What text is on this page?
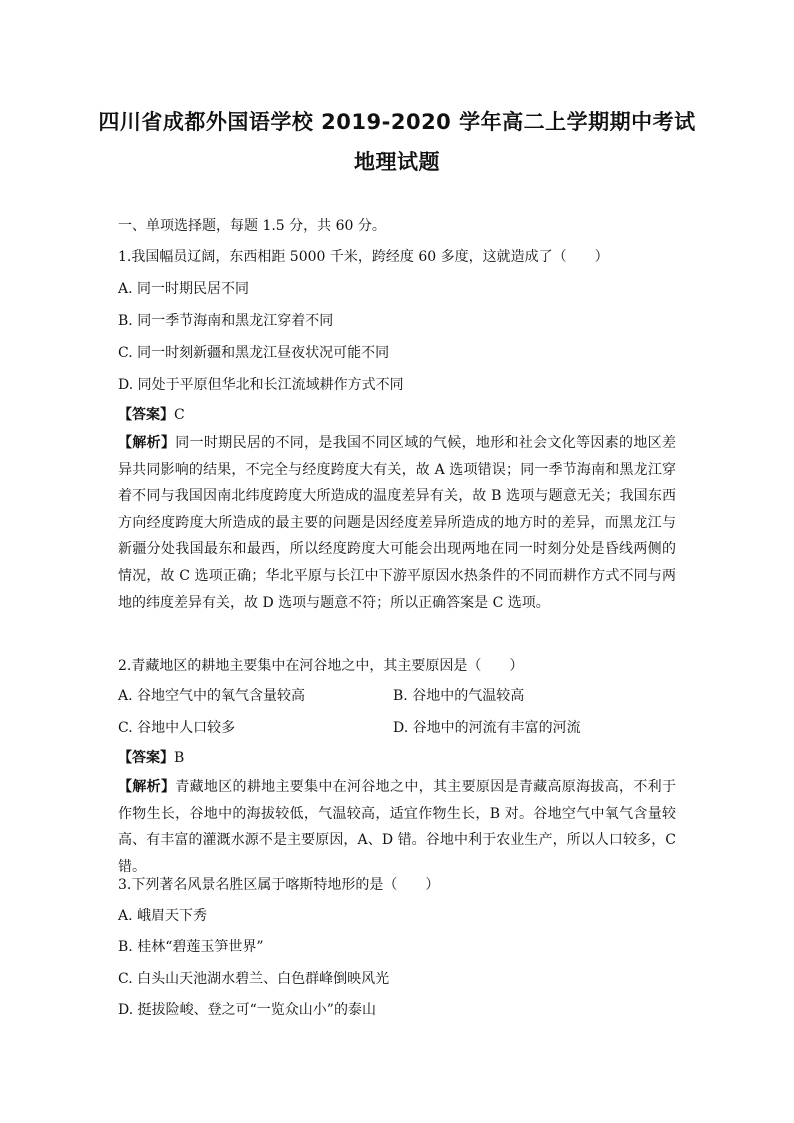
四川省成都外国语学校 2019-2020 学年高二上学期期中考试
地理试题

一、单项选择题，每题 1.5 分，共 60 分。

1.我国幅员辽阔，东西相距 5000 千米，跨经度 60 多度，这就造成了（　　）

A. 同一时期民居不同

B. 同一季节海南和黑龙江穿着不同

C. 同一时刻新疆和黑龙江昼夜状况可能不同

D. 同处于平原但华北和长江流域耕作方式不同

【答案】C

【解析】同一时期民居的不同，是我国不同区域的气候，地形和社会文化等因素的地区差异共同影响的结果，不完全与经度跨度大有关，故 A 选项错误；同一季节海南和黑龙江穿着不同与我国因南北纬度跨度大所造成的温度差异有关，故 B 选项与题意无关；我国东西方向经度跨度大所造成的最主要的问题是因经度差异所造成的地方时的差异，而黑龙江与新疆分处我国最东和最西，所以经度跨度大可能会出现两地在同一时刻分处是昏线两侧的情况，故 C 选项正确；华北平原与长江中下游平原因水热条件的不同而耕作方式不同与两地的纬度差异有关，故 D 选项与题意不符；所以正确答案是 C 选项。

2.青藏地区的耕地主要集中在河谷地之中，其主要原因是（　　）

A. 谷地空气中的氧气含量较高	B. 谷地中的气温较高

C. 谷地中人口较多	D. 谷地中的河流有丰富的河流

【答案】B

【解析】青藏地区的耕地主要集中在河谷地之中，其主要原因是青藏高原海拔高，不利于作物生长，谷地中的海拔较低，气温较高，适宜作物生长，B 对。谷地空气中氧气含量较高、有丰富的灌溉水源不是主要原因，A、D 错。谷地中利于农业生产，所以人口较多，C 错。

3.下列著名风景名胜区属于喀斯特地形的是（　　）

A. 峨眉天下秀

B. 桂林“碧莲玉笋世界”

C. 白头山天池湖水碧兰、白色群峰倒映风光

D. 挺拔险峻、登之可“一览众山小”的泰山
